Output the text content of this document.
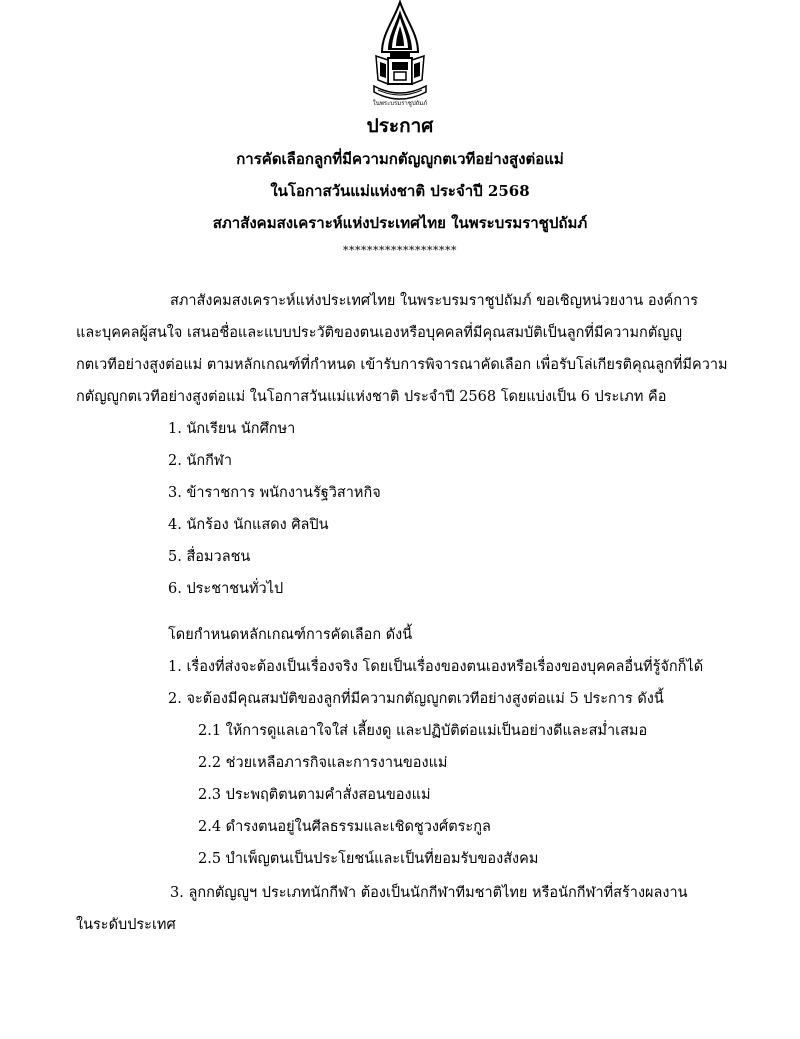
ในพระบรมราชูปถัมภ์
ประกาศ
การคัดเลือกลูกที่มีความกตัญญูกตเวทีอย่างสูงต่อแม่
ในโอกาสวันแม่แห่งชาติ ประจำปี 2568
สภาสังคมสงเคราะห์แห่งประเทศไทย ในพระบรมราชูปถัมภ์
*******************
สภาสังคมสงเคราะห์แห่งประเทศไทย ในพระบรมราชูปถัมภ์ ขอเชิญหน่วยงาน องค์การ
และบุคคลผู้สนใจ เสนอชื่อและแบบประวัติของตนเองหรือบุคคลที่มีคุณสมบัติเป็นลูกที่มีความกตัญญู
กตเวทีอย่างสูงต่อแม่ ตามหลักเกณฑ์ที่กำหนด เข้ารับการพิจารณาคัดเลือก เพื่อรับโล่เกียรติคุณลูกที่มีความ
กตัญญูกตเวทีอย่างสูงต่อแม่ ในโอกาสวันแม่แห่งชาติ ประจำปี 2568 โดยแบ่งเป็น 6 ประเภท คือ
1. นักเรียน นักศึกษา
2. นักกีฬา
3. ข้าราชการ พนักงานรัฐวิสาหกิจ
4. นักร้อง นักแสดง ศิลปิน
5. สื่อมวลชน
6. ประชาชนทั่วไป
โดยกำหนดหลักเกณฑ์การคัดเลือก ดังนี้
1. เรื่องที่ส่งจะต้องเป็นเรื่องจริง โดยเป็นเรื่องของตนเองหรือเรื่องของบุคคลอื่นที่รู้จักก็ได้
2. จะต้องมีคุณสมบัติของลูกที่มีความกตัญญูกตเวทีอย่างสูงต่อแม่ 5 ประการ ดังนี้
2.1 ให้การดูแลเอาใจใส่ เลี้ยงดู และปฏิบัติต่อแม่เป็นอย่างดีและสม่ำเสมอ
2.2 ช่วยเหลือภารกิจและการงานของแม่
2.3 ประพฤติตนตามคำสั่งสอนของแม่
2.4 ดำรงตนอยู่ในศีลธรรมและเชิดชูวงศ์ตระกูล
2.5 บำเพ็ญตนเป็นประโยชน์และเป็นที่ยอมรับของสังคม
3. ลูกกตัญญูฯ ประเภทนักกีฬา ต้องเป็นนักกีฬาทีมชาติไทย หรือนักกีฬาที่สร้างผลงาน
ในระดับประเทศ
